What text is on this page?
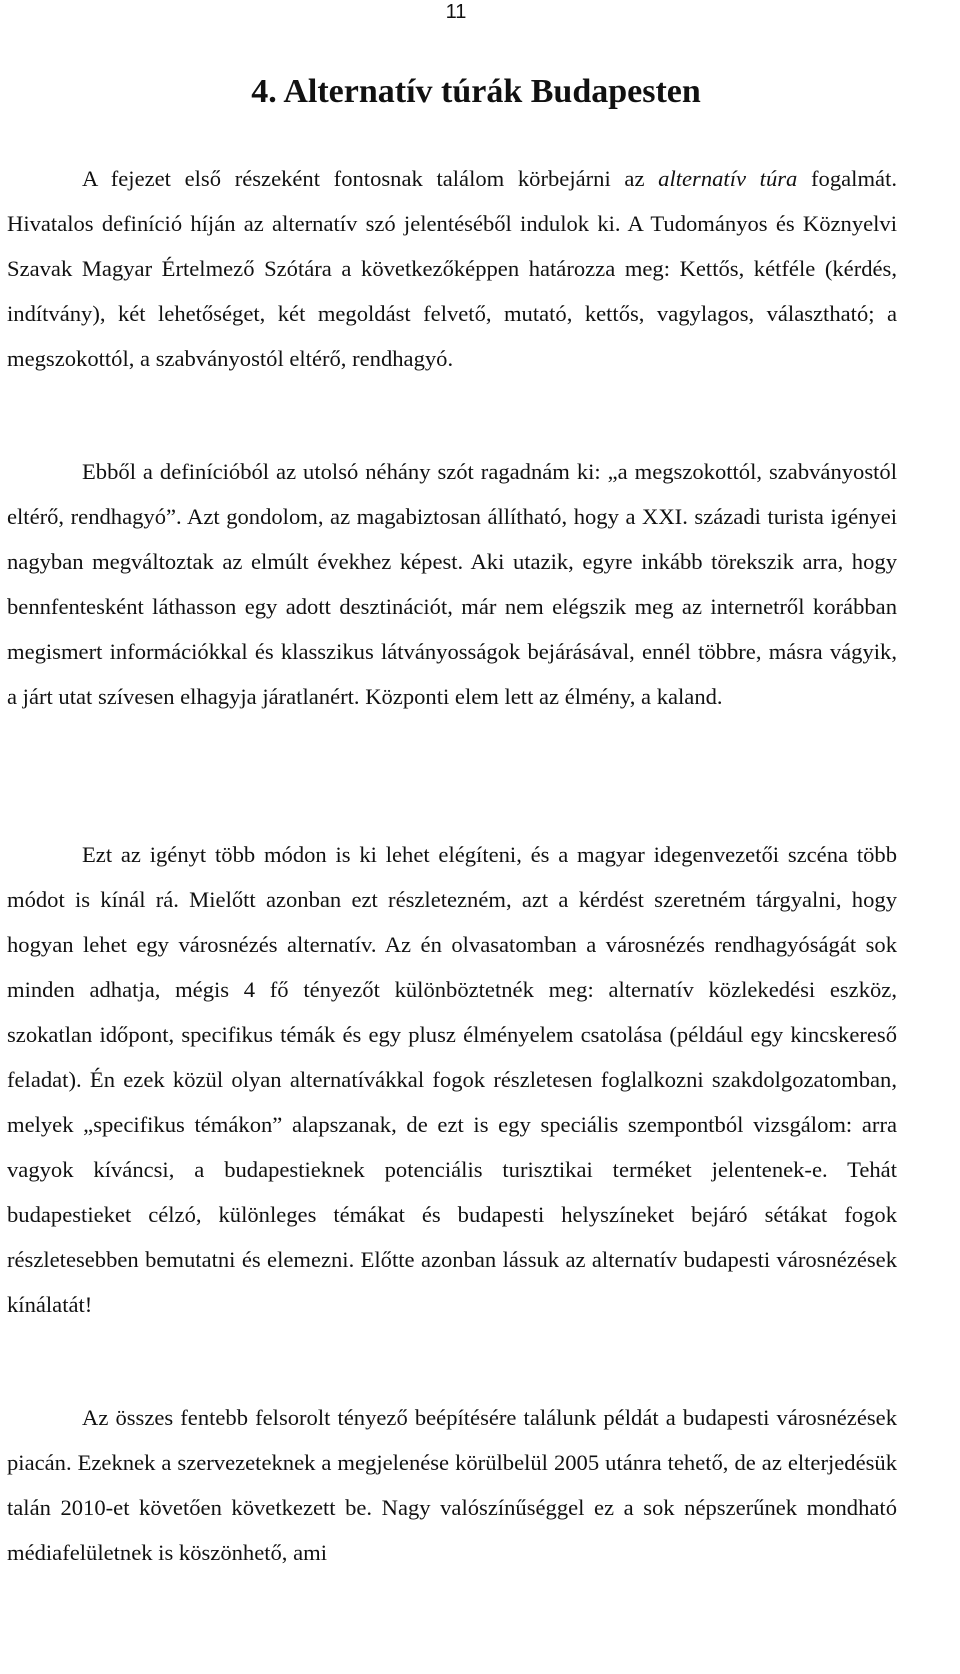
11
4. Alternatív túrák Budapesten

A fejezet első részeként fontosnak találom körbejárni az alternatív túra fogalmát. Hivatalos definíció híján az alternatív szó jelentéséből indulok ki. A Tudományos és Köznyelvi Szavak Magyar Értelmező Szótára a következőképpen határozza meg: Kettős, kétféle (kérdés, indítvány), két lehetőséget, két megoldást felvető, mutató, kettős, vagylagos, választható; a megszokottól, a szabványostól eltérő, rendhagyó.

Ebből a definícióból az utolsó néhány szót ragadnám ki: „a megszokottól, szabványostól eltérő, rendhagyó”. Azt gondolom, az magabiztosan állítható, hogy a XXI. századi turista igényei nagyban megváltoztak az elmúlt évekhez képest. Aki utazik, egyre inkább törekszik arra, hogy bennfentesként láthasson egy adott desztinációt, már nem elégszik meg az internetről korábban megismert információkkal és klasszikus látványosságok bejárásával, ennél többre, másra vágyik, a járt utat szívesen elhagyja járatlanért. Központi elem lett az élmény, a kaland.

Ezt az igényt több módon is ki lehet elégíteni, és a magyar idegenvezetői szcéna több módot is kínál rá. Mielőtt azonban ezt részletezném, azt a kérdést szeretném tárgyalni, hogy hogyan lehet egy városnézés alternatív. Az én olvasatomban a városnézés rendhagyóságát sok minden adhatja, mégis 4 fő tényezőt különböztetnék meg: alternatív közlekedési eszköz, szokatlan időpont, specifikus témák és egy plusz élményelem csatolása (például egy kincskereső feladat). Én ezek közül olyan alternatívákkal fogok részletesen foglalkozni szakdolgozatomban, melyek „specifikus témákon” alapszanak, de ezt is egy speciális szempontból vizsgálom: arra vagyok kíváncsi, a budapestieknek potenciális turisztikai terméket jelentenek-e. Tehát budapestieket célzó, különleges témákat és budapesti helyszíneket bejáró sétákat fogok részletesebben bemutatni és elemezni. Előtte azonban lássuk az alternatív budapesti városnézések kínálatát!

Az összes fentebb felsorolt tényező beépítésére találunk példát a budapesti városnézések piacán. Ezeknek a szervezeteknek a megjelenése körülbelül 2005 utánra tehető, de az elterjedésük talán 2010-et követően következett be. Nagy valószínűséggel ez a sok népszerűnek mondható médiafelületnek is köszönhető, ami
